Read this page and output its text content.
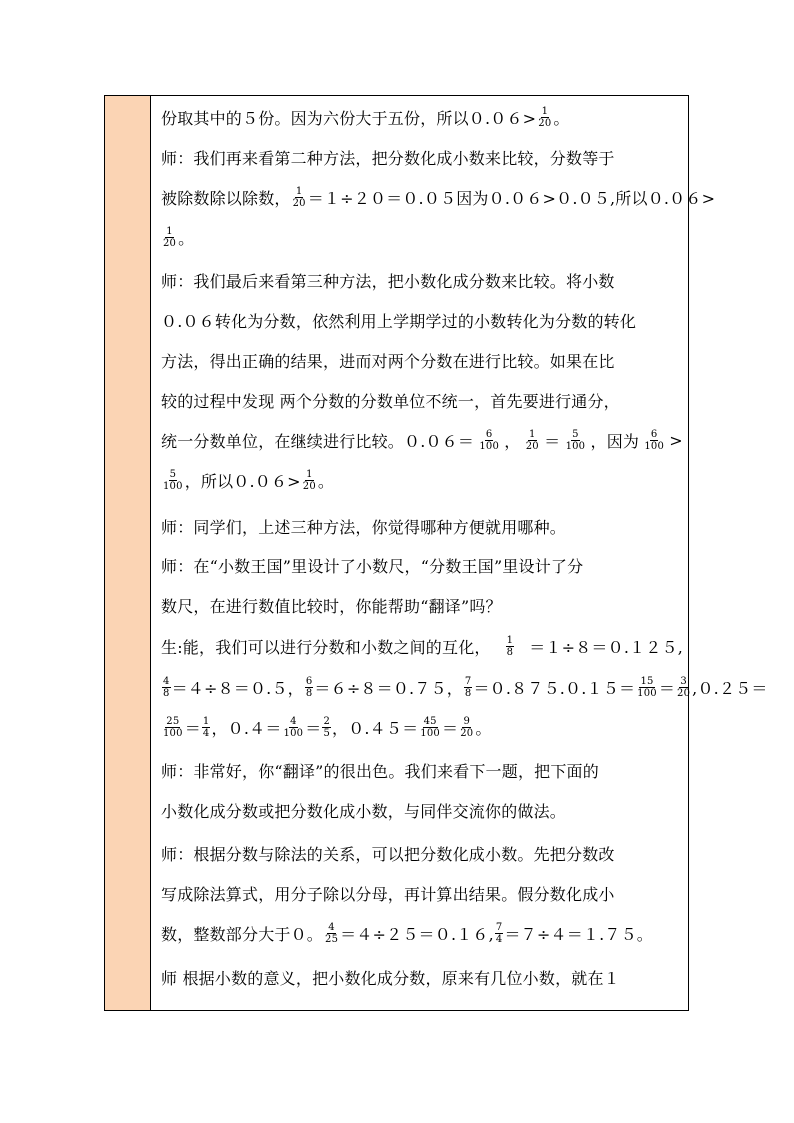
份取其中的５份。因为六份大于五份，所以$0.06> \frac{1}{20}$ 。
师：我们再来看第二种方法，把分数化成小数来比较，分数等于
被除数除以除数， $\frac{1}{20} =1\div 20=0.05$因为０.０６>０.０５,所以０.０６>
$\frac{1}{20}$ 。
师：我们最后来看第三种方法，把小数化成分数来比较。将小数
０.０６转化为分数，依然利用上学期学过的小数转化为分数的转化
方法，得出正确的结果，进而对两个分数在进行比较。如果在比
较的过程中发现 两个分数的分数单位不统一，首先要进行通分，
统一分数单位，在继续进行比较。$0.06= \frac{6}{100}$ ， $\frac{1}{20} = \frac{5}{100}$ ，因为 $\frac{6}{100}$ >
$\frac{5}{100}$ ，所以$0.06> \frac{1}{20}$ 。
师：同学们，上述三种方法，你觉得哪种方便就用哪种。
师：在“小数王国”里设计了小数尺，“分数王国”里设计了分
数尺，在进行数值比较时，你能帮助“翻译”吗？
生:能，我们可以进行分数和小数之间的互化， $\frac{1}{8} =1\div 8=0.125$,
$\frac{4}{8} =4\div 8=0.5$， $\frac{6}{8} =6\div 8=0.75$， $\frac{7}{8} =0.875.0.15= \frac{15}{100} = \frac{3}{20} ,0.25=$
$\frac{25}{100} = \frac{1}{4}$ ，$0.4= \frac{4}{100} = \frac{2}{5}$ ，$0.45= \frac{45}{100} = \frac{9}{20}$ 。
师：非常好，你“翻译”的很出色。我们来看下一题，把下面的
小数化成分数或把分数化成小数，与同伴交流你的做法。
师：根据分数与除法的关系，可以把分数化成小数。先把分数改
写成除法算式，用分子除以分母，再计算出结果。假分数化成小
数，整数部分大于０。 $\frac{4}{25} =4\div 25=0.16$, $\frac{7}{4} =7\div 4=1.75$。
师 根据小数的意义，把小数化成分数，原来有几位小数，就在１
